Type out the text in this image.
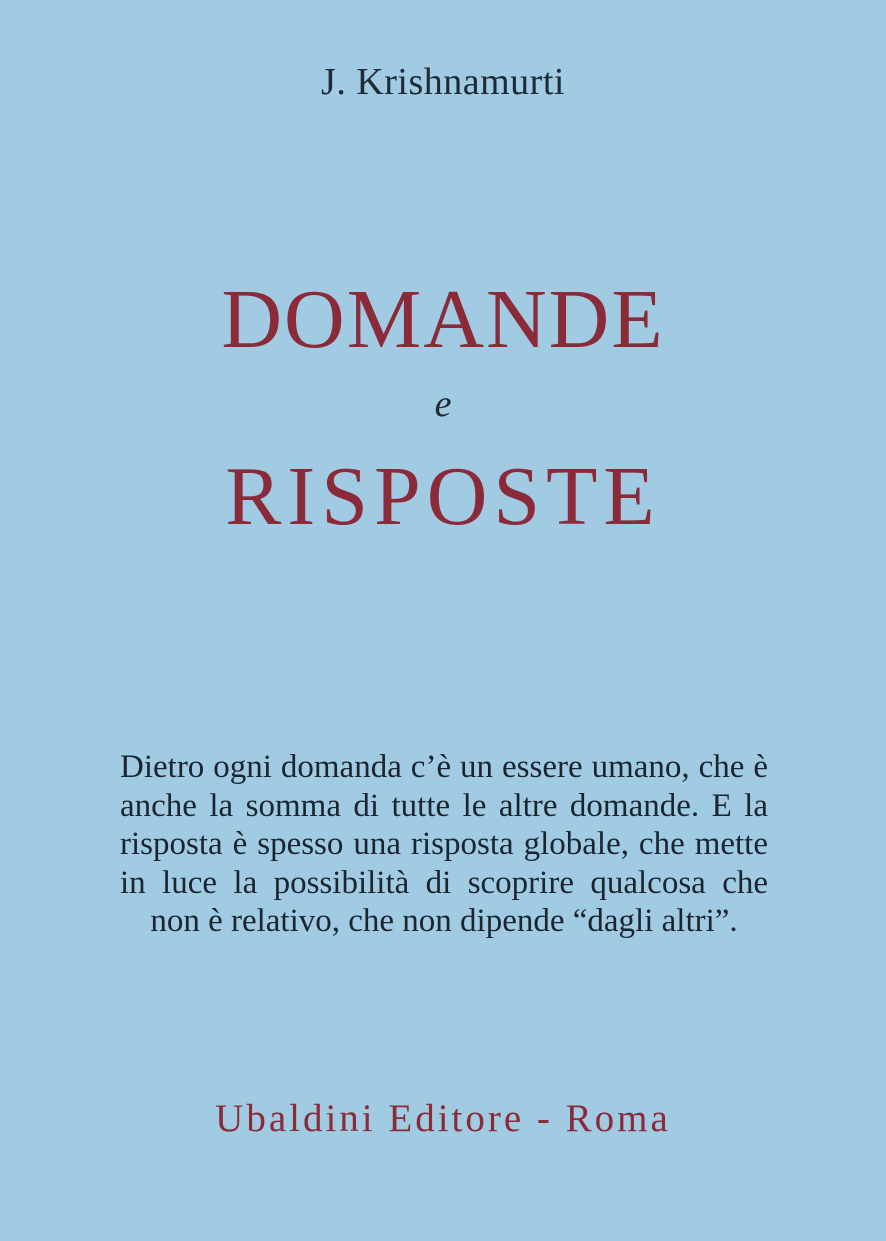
J. Krishnamurti
DOMANDE
e
RISPOSTE

Dietro ogni domanda c’è un essere umano, che è anche la somma di tutte le altre domande. E la risposta è spesso una risposta globale, che mette in luce la possibilità di scoprire qualcosa che non è relativo, che non dipende “dagli altri”.

Ubaldini Editore - Roma
